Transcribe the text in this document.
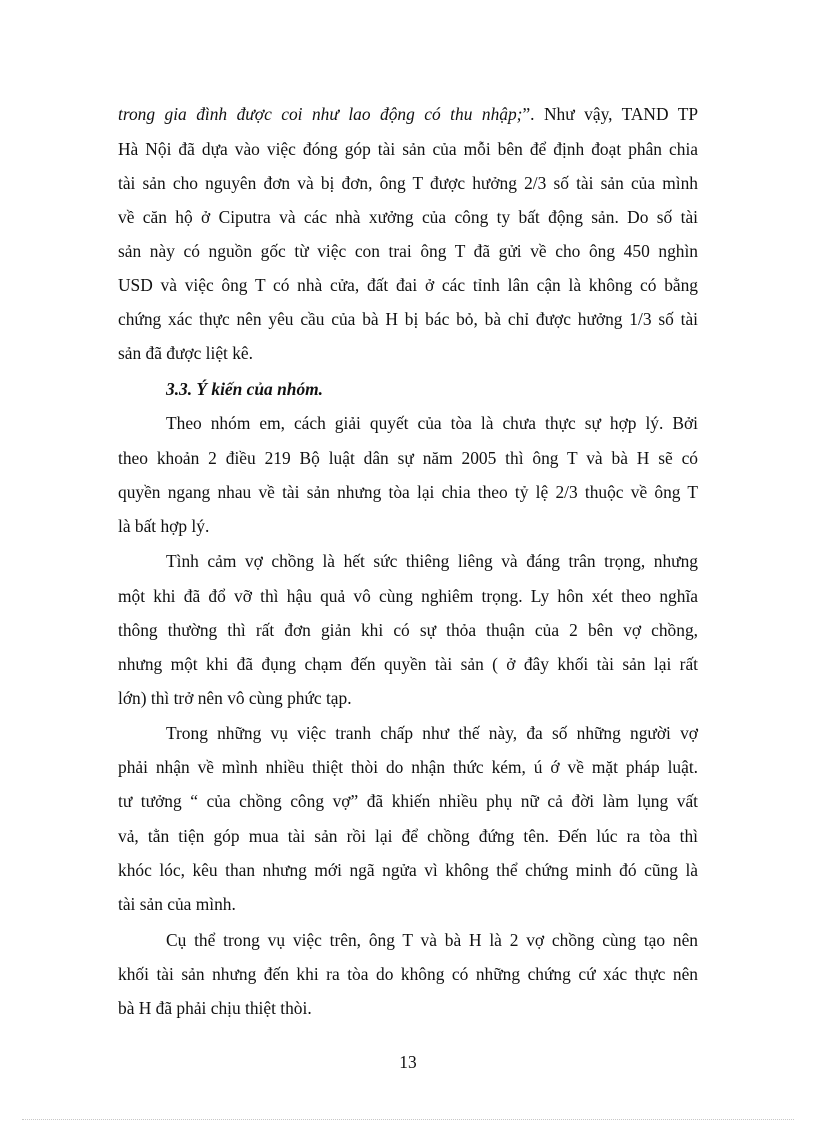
trong gia đình được coi như lao động có thu nhập;”. Như vậy, TAND TP
Hà Nội đã dựa vào việc đóng góp tài sản của mỗi bên để định đoạt phân chia
tài sản cho nguyên đơn và bị đơn, ông T được hưởng 2/3 số tài sản của mình
về căn hộ ở Ciputra và các nhà xưởng của công ty bất động sản. Do số tài
sản này có nguồn gốc từ việc con trai ông T đã gửi về cho ông 450 nghìn
USD và việc ông T có nhà cửa, đất đai ở các tỉnh lân cận là không có bằng
chứng xác thực nên yêu cầu của bà H bị bác bỏ, bà chỉ được hưởng 1/3 số tài
sản đã được liệt kê.
3.3. Ý kiến của nhóm.
Theo nhóm em, cách giải quyết của tòa là chưa thực sự hợp lý. Bởi
theo khoản 2 điều 219 Bộ luật dân sự năm 2005 thì ông T và bà H sẽ có
quyền ngang nhau về tài sản nhưng tòa lại chia theo tỷ lệ 2/3 thuộc về ông T
là bất hợp lý.
Tình cảm vợ chồng là hết sức thiêng liêng và đáng trân trọng, nhưng
một khi đã đổ vỡ thì hậu quả vô cùng nghiêm trọng. Ly hôn xét theo nghĩa
thông thường thì rất đơn giản khi có sự thỏa thuận của 2 bên vợ chồng,
nhưng một khi đã đụng chạm đến quyền tài sản ( ở đây khối tài sản lại rất
lớn) thì trở nên vô cùng phức tạp.
Trong những vụ việc tranh chấp như thế này, đa số những người vợ
phải nhận về mình nhiều thiệt thòi do nhận thức kém, ú ớ về mặt pháp luật.
tư tưởng “ của chồng công vợ” đã khiến nhiều phụ nữ cả đời làm lụng vất
vả, tằn tiện góp mua tài sản rồi lại để chồng đứng tên. Đến lúc ra tòa thì
khóc lóc, kêu than nhưng mới ngã ngửa vì không thể chứng minh đó cũng là
tài sản của mình.
Cụ thể trong vụ việc trên, ông T và bà H là 2 vợ chồng cùng tạo nên
khối tài sản nhưng đến khi ra tòa do không có những chứng cứ xác thực nên
bà H đã phải chịu thiệt thòi.
13
